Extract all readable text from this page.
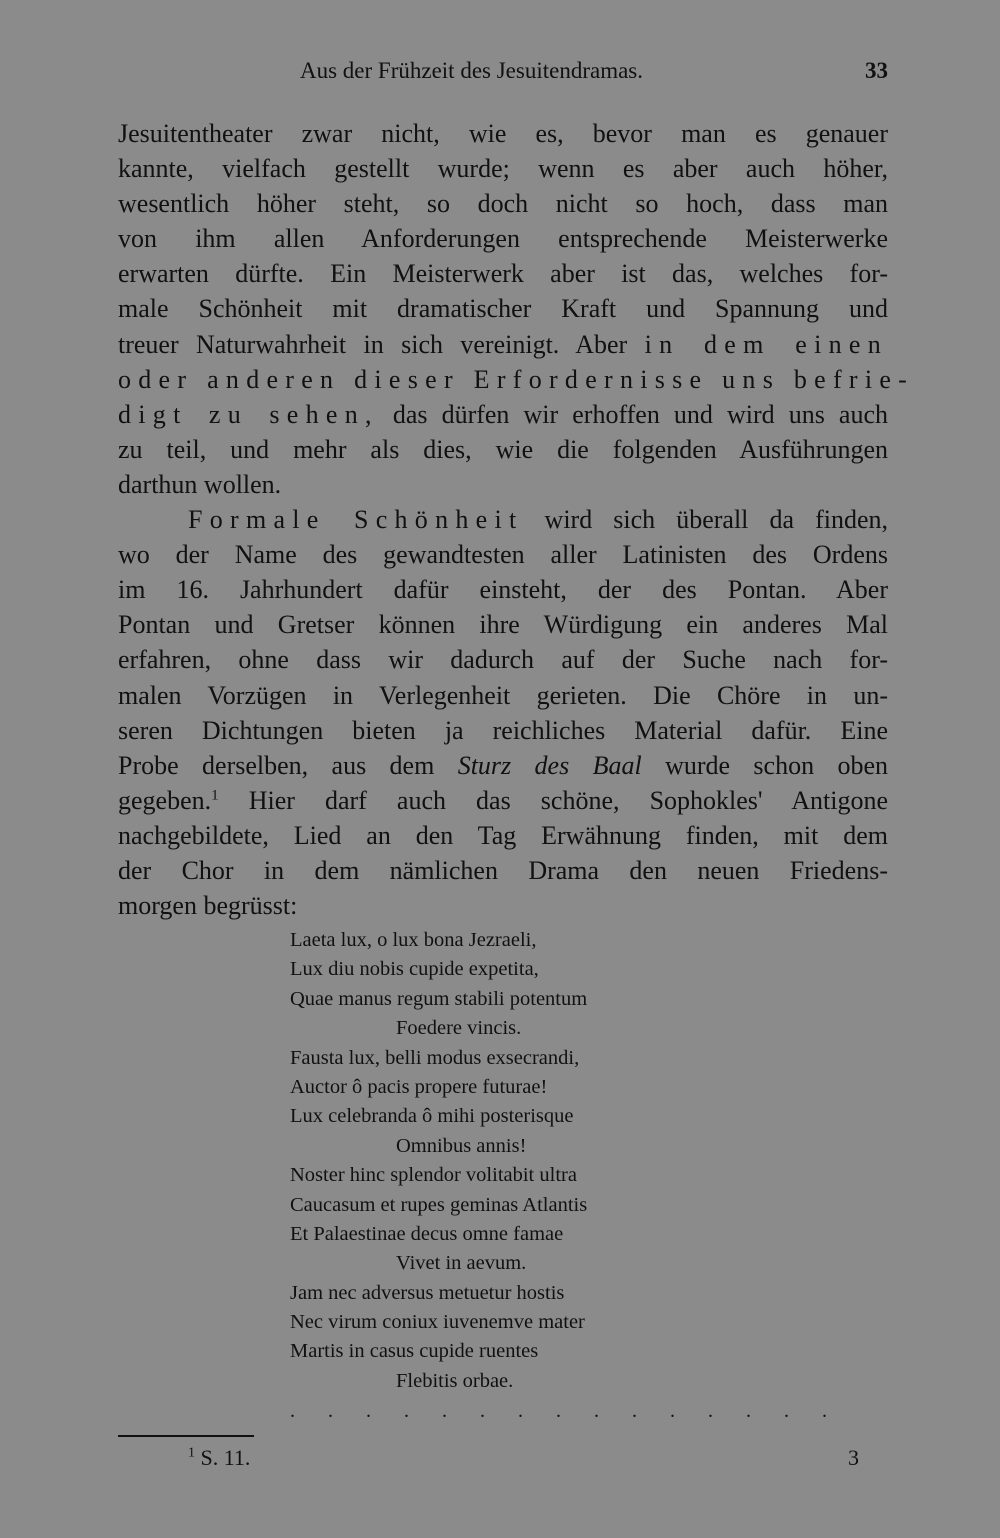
Aus der Frühzeit des Jesuitendramas.	33
Jesuitentheater zwar nicht, wie es, bevor man es genauer
kannte, vielfach gestellt wurde; wenn es aber auch höher,
wesentlich höher steht, so doch nicht so hoch, dass man
von ihm allen Anforderungen entsprechende Meisterwerke
erwarten dürfte. Ein Meisterwerk aber ist das, welches for-
male Schönheit mit dramatischer Kraft und Spannung und
treuer Naturwahrheit in sich vereinigt. Aber in dem einen
oder anderen dieser Erfordernisse uns befrie-
digt zu sehen, das dürfen wir erhoffen und wird uns auch
zu teil, und mehr als dies, wie die folgenden Ausführungen
darthun wollen.
Formale Schönheit wird sich überall da finden,
wo der Name des gewandtesten aller Latinisten des Ordens
im 16. Jahrhundert dafür einsteht, der des Pontan. Aber
Pontan und Gretser können ihre Würdigung ein anderes Mal
erfahren, ohne dass wir dadurch auf der Suche nach for-
malen Vorzügen in Verlegenheit gerieten. Die Chöre in un-
seren Dichtungen bieten ja reichliches Material dafür. Eine
Probe derselben, aus dem Sturz des Baal wurde schon oben
gegeben.$^1$ Hier darf auch das schöne, Sophokles' Antigone
nachgebildete, Lied an den Tag Erwähnung finden, mit dem
der Chor in dem nämlichen Drama den neuen Friedens-
morgen begrüsst:
Laeta lux, o lux bona Jezraeli,
Lux diu nobis cupide expetita,
Quae manus regum stabili potentum
Foedere vincis.
Fausta lux, belli modus exsecrandi,
Auctor ô pacis propere futurae!
Lux celebranda ô mihi posterisque
Omnibus annis!
Noster hinc splendor volitabit ultra
Caucasum et rupes geminas Atlantis
Et Palaestinae decus omne famae
Vivet in aevum.
Jam nec adversus metuetur hostis
Nec virum coniux iuvenemve mater
Martis in casus cupide ruentes
Flebitis orbae.
. . . . . . . . . . . . . . .
$^1$ S. 11.	3
